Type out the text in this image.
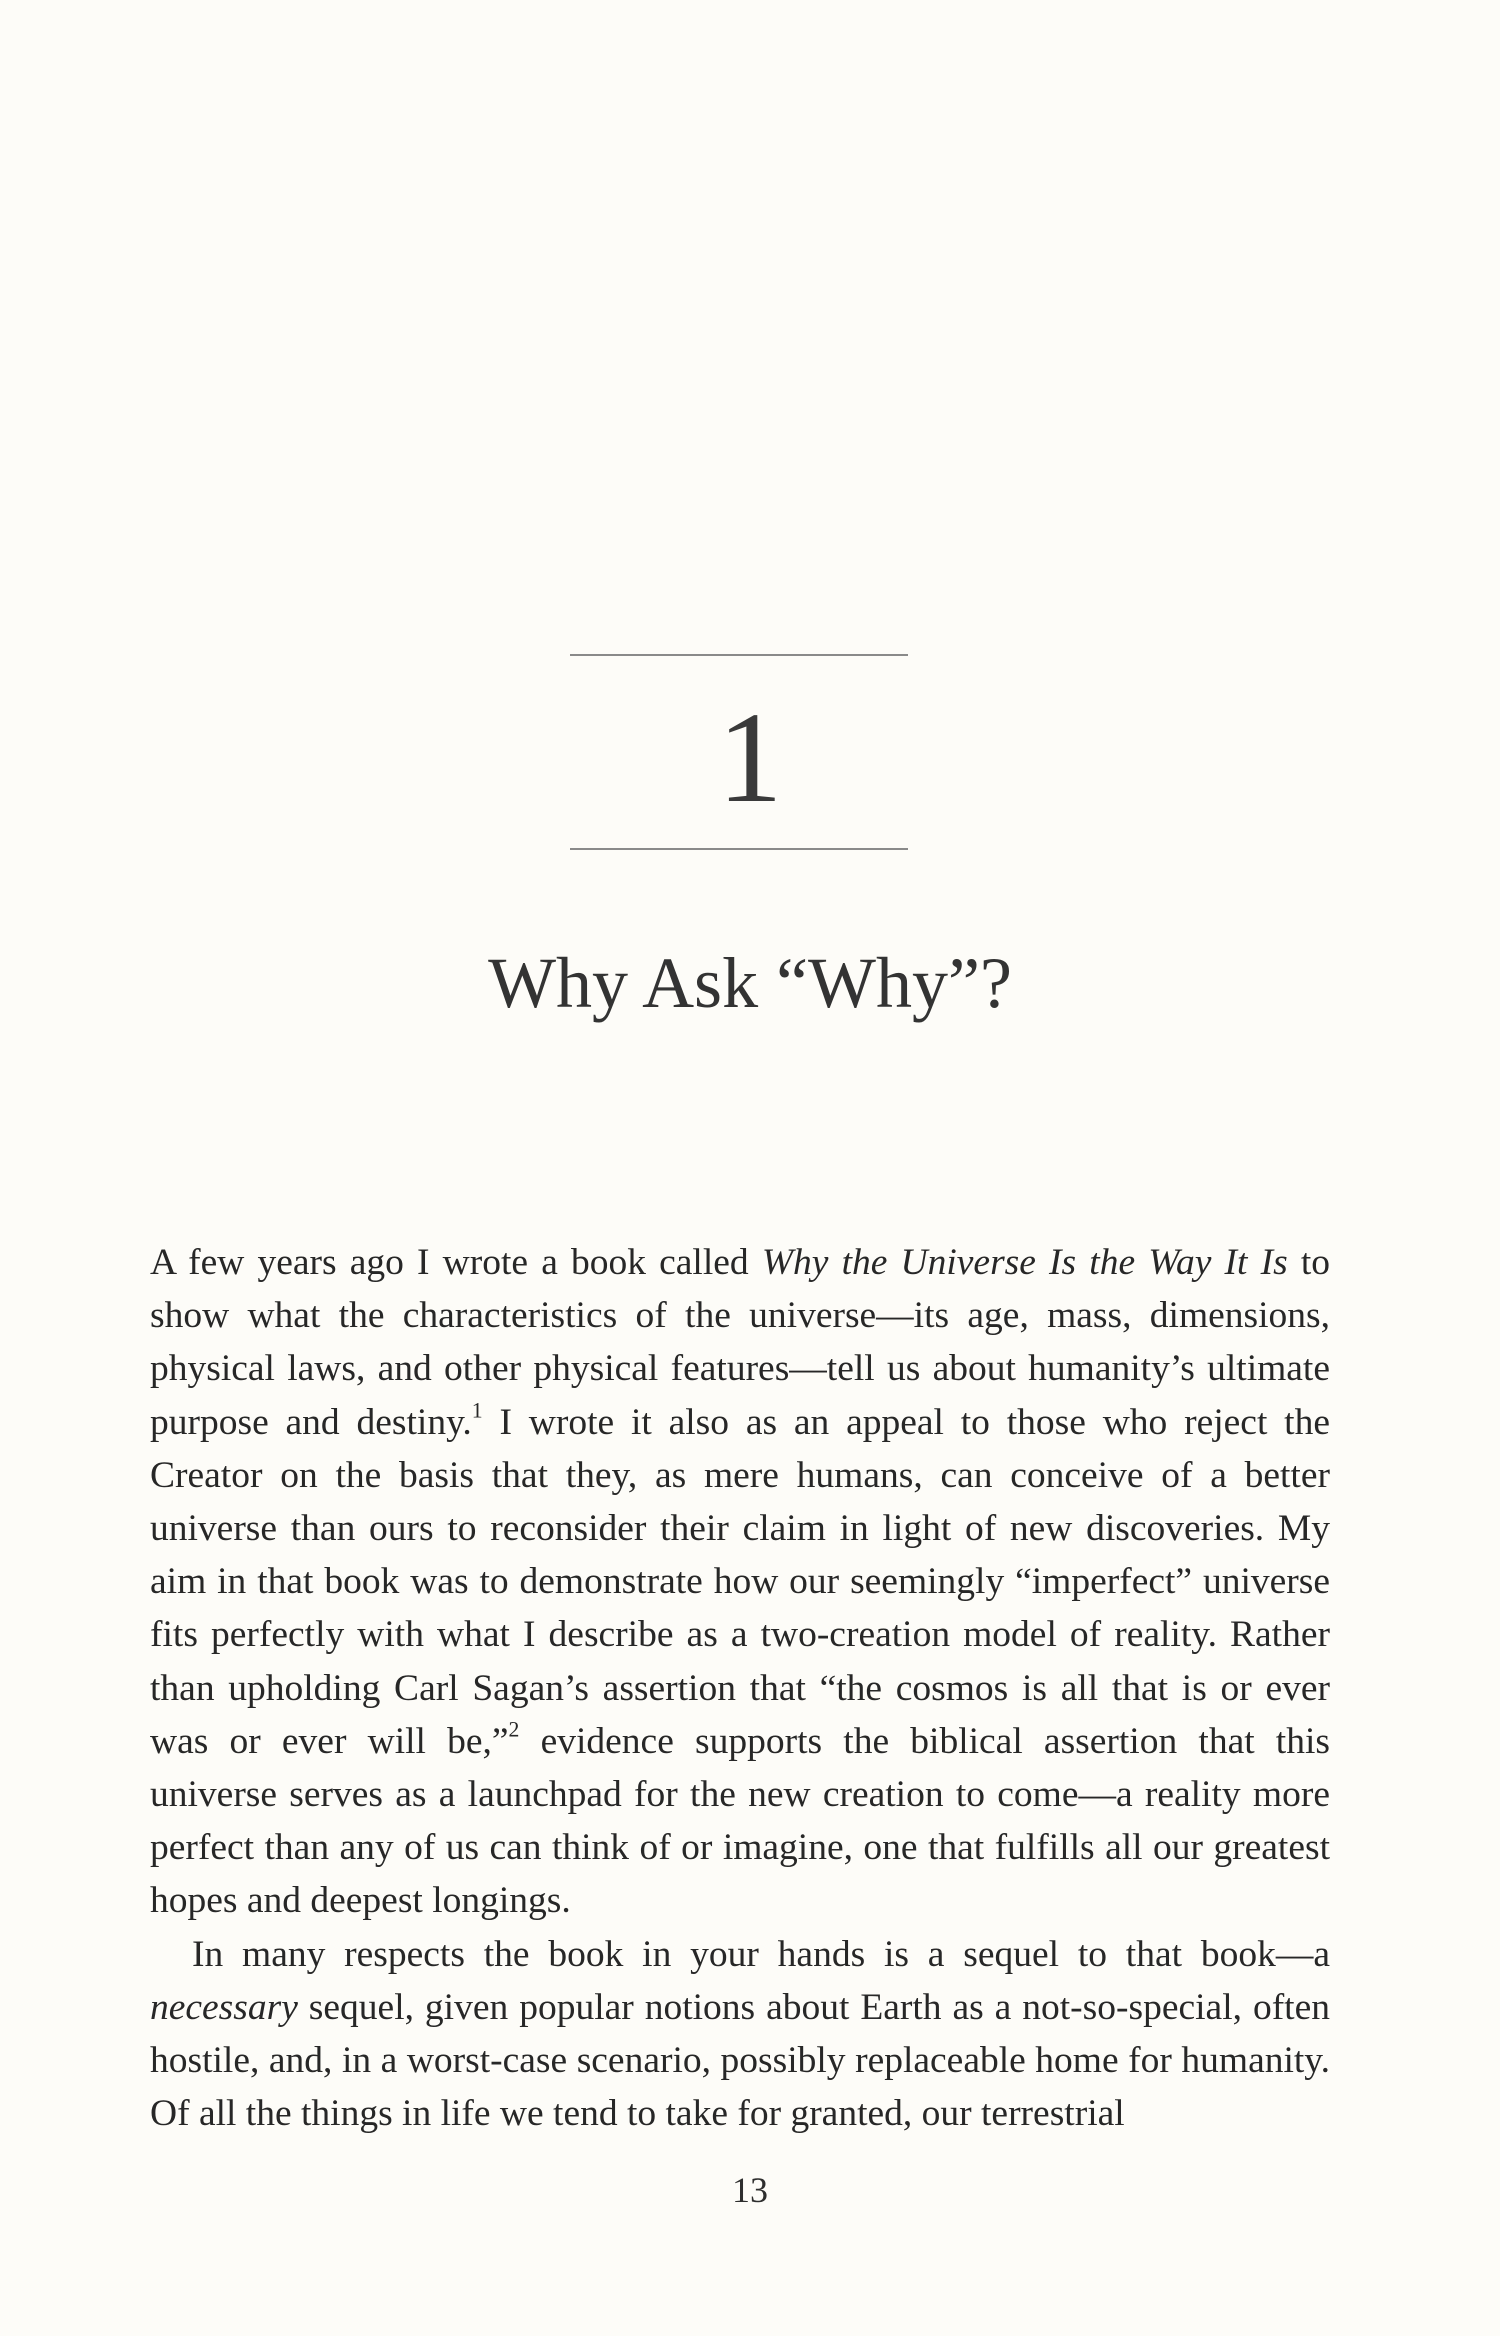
1
Why Ask “Why”?

A few years ago I wrote a book called Why the Universe Is the Way It Is to show what the characteristics of the universe—its age, mass, dimensions, physical laws, and other physical features—tell us about humanity’s ultimate purpose and destiny.$^1$ I wrote it also as an appeal to those who reject the Creator on the basis that they, as mere humans, can conceive of a better universe than ours to reconsider their claim in light of new discoveries. My aim in that book was to demonstrate how our seemingly “imperfect” universe fits perfectly with what I describe as a two-creation model of reality. Rather than upholding Carl Sagan’s assertion that “the cosmos is all that is or ever was or ever will be,”$^2$ evidence supports the biblical assertion that this universe serves as a launchpad for the new creation to come—a reality more perfect than any of us can think of or imagine, one that fulfills all our greatest hopes and deepest longings.

In many respects the book in your hands is a sequel to that book—a necessary sequel, given popular notions about Earth as a not-so-special, often hostile, and, in a worst-case scenario, possibly replaceable home for humanity. Of all the things in life we tend to take for granted, our terrestrial

13
